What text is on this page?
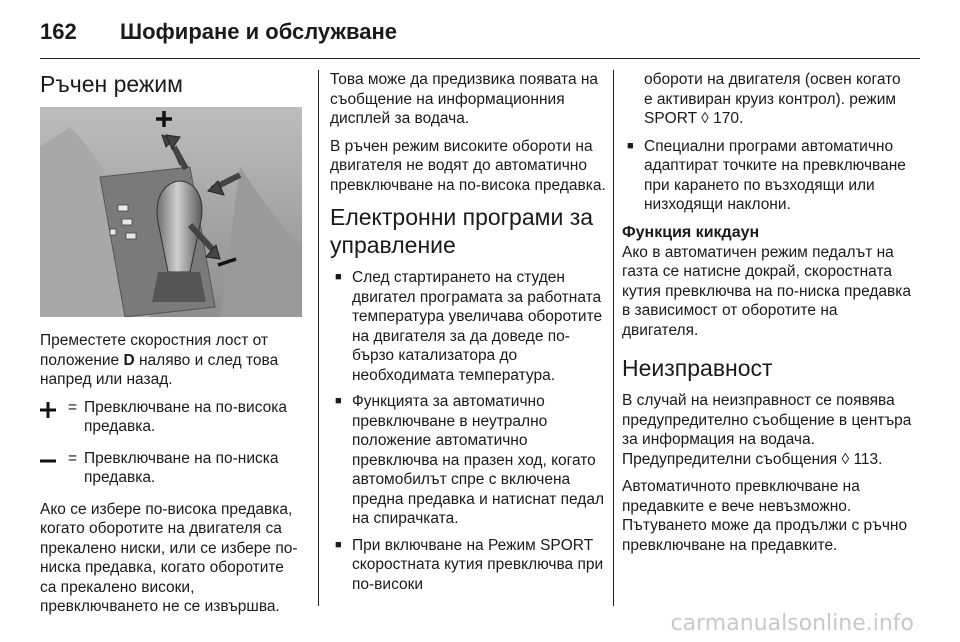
162	Шофиране и обслужване
Ръчен режим

Преместете скоростния лост от положение D наляво и след това напред или назад.

= Превключване на по-висока предавка.
= Превключване на по-ниска предавка.

Ако се избере по-висока предавка, когато оборотите на двигателя са прекалено ниски, или се избере по-ниска предавка, когато оборотите са прекалено високи, превключването не се извършва.

Това може да предизвика появата на съобщение на информационния дисплей за водача.

В ръчен режим високите обороти на двигателя не водят до автоматично превключване на по-висока предавка.

Електронни програми за управление
■ След стартирането на студен двигател програмата за работната температура увеличава оборотите на двигателя за да доведе по-бързо катализатора до необходимата температура.
■ Функцията за автоматично превключване в неутрално положение автоматично превключва на празен ход, когато автомобилът спре с включена предна предавка и натиснат педал на спирачката.
■ При включване на Режим SPORT скоростната кутия превключва при по-високи
обороти на двигателя (освен когато е активиран круиз контрол). режим SPORT ◊ 170.
■ Специални програми автоматично адаптират точките на превключване при карането по възходящи или низходящи наклони.
Функция кикдаун

Ако в автоматичен режим педалът на газта се натисне докрай, скоростната кутия превключва на по-ниска предавка в зависимост от оборотите на двигателя.

Неизправност

В случай на неизправност се появява предупредително съобщение в центъра за информация на водача. Предупредителни съобщения ◊ 113.

Автоматичното превключване на предавките е вече невъзможно. Пътуването може да продължи с ръчно превключване на предавките.

carmanualsonline.info
